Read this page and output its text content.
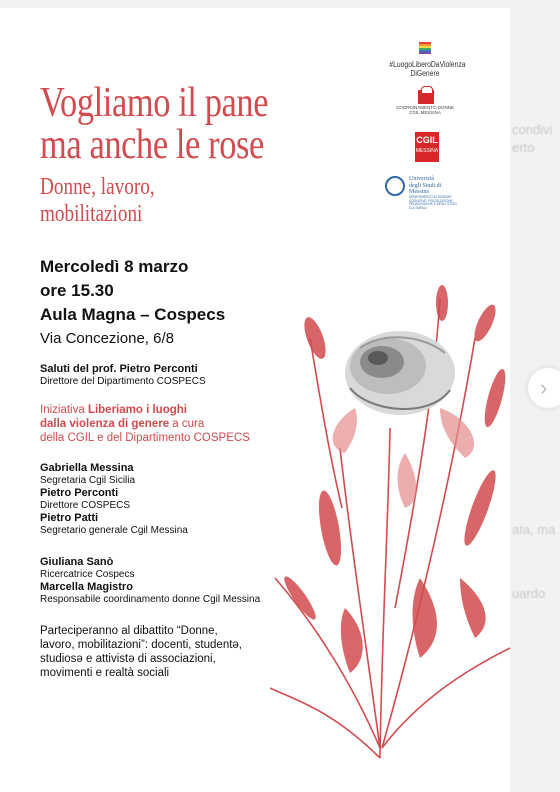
condivi
erto
ata, ma
uardo
Vogliamo il pane
ma anche le rose
Donne, lavoro,
mobilitazioni
#LuogoLiberoDaViolenza
DiGenere
COORDINAMENTO DONNE CGIL MESSINA
CGIL
MESSINA
Università
degli Studi di
Messina
DIPARTIMENTO DI SCIENZE COGNITIVE, PSICOLOGICHE, PEDAGOGICHE E DEGLI STUDI CULTURALI
Mercoledì 8 marzo
ore 15.30
Aula Magna – Cospecs
Via Concezione, 6/8
Saluti del prof. Pietro Perconti
Direttore del Dipartimento COSPECS
Iniziativa Liberiamo i luoghi
dalla violenza di genere a cura
della CGIL e del Dipartimento COSPECS
Gabriella Messina
Segretaria Cgil Sicilia
Pietro Perconti
Direttore COSPECS
Pietro Patti
Segretario generale Cgil Messina
Giuliana Sanò
Ricercatrice Cospecs
Marcella Magistro
Responsabile coordinamento donne Cgil Messina
Parteciperanno al dibattito “Donne,
lavoro, mobilitazioni”: docenti, studentə,
studiosə e attivistə di associazioni,
movimenti e realtà sociali
›
